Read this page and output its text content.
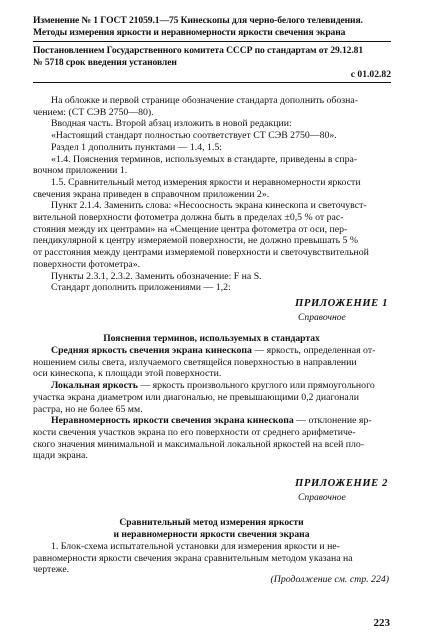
Изменение № 1 ГОСТ 21059.1—75 Кинескопы для черно-белого телевидения.
Методы измерения яркости и неравномерности яркости свечения экрана
Постановлением Государственного комитета СССР по стандартам от 29.12.81
№ 5718 срок введения установлен
с 01.02.82

На обложке и первой странице обозначение стандарта дополнить обозна-
чением: (СТ СЭВ 2750—80).

Вводная часть. Второй абзац изложить в новой редакции:
«Настоящий стандарт полностью соответствует СТ СЭВ 2750—80».

Раздел 1 дополнить пунктами — 1.4, 1.5:

«1.4. Пояснения терминов, используемых в стандарте, приведены в спра-
вочном приложении 1.

1.5. Сравнительный метод измерения яркости и неравномерности яркости
свечения экрана приведен в справочном приложении 2».

Пункт 2.1.4. Заменить слова: «Несоосность экрана кинескопа и светочувст-
вительной поверхности фотометра должна быть в пределах ±0,5 % от рас-
стояния между их центрами» на «Смещение центра фотометра от оси, пер-
пендикулярной к центру измеряемой поверхности, не должно превышать 5 %
от расстояния между центрами измеряемой поверхности и светочувствительной
поверхности фотометра».

Пункты 2.3.1, 2.3.2. Заменить обозначение: F на S.

Стандарт дополнить приложениями — 1,2:

ПРИЛОЖЕНИЕ 1
Справочное
Пояснения терминов, используемых в стандартах

Средняя яркость свечения экрана кинескопа — яркость, определенная от-
ношением силы света, излучаемого светящейся поверхностью в направлении
оси кинескопа, к площади этой поверхности.

Локальная яркость — яркость произвольного круглого или прямоугольного
участка экрана диаметром или диагональю, не превышающими 0,2 диагонали
растра, но не более 65 мм.

Неравномерность яркости свечения экрана кинескопа — отклонение яр-
кости свечения участков экрана по его поверхности от среднего арифметиче-
ского значения минимальной и максимальной локальной яркостей на всей пло-
щади экрана.

ПРИЛОЖЕНИЕ 2
Справочное
Сравнительный метод измерения яркости
и неравномерности яркости свечения экрана

1. Блок-схема испытательной установки для измерения яркости и не-
равномерности яркости свечения экрана сравнительным методом указана на
чертеже.

(Продолжение см. стр. 224)
223
